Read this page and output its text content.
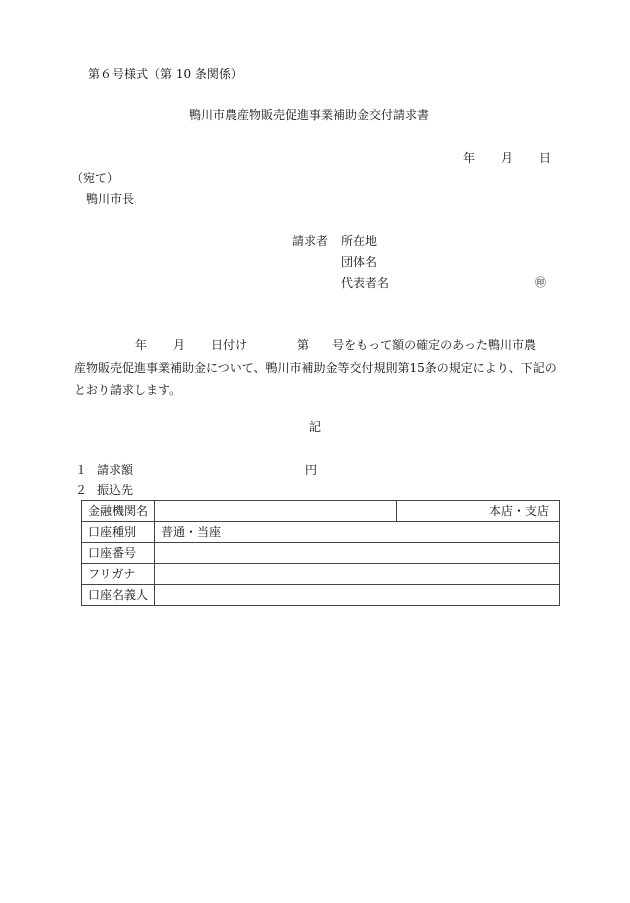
第６号様式（第 10 条関係）
鴨川市農産物販売促進事業補助金交付請求書
年 月 日
（宛て）
鴨川市長
請求者 所在地
団体名
代表者名	㊞
年 月 日付け	第 号をもって額の確定のあった鴨川市農
産物販売促進事業補助金について、鴨川市補助金等交付規則第15条の規定により、下記の
とおり請求します。
記
１ 請求額	円
２ 振込先
金融機関名		本店・支店
口座種別	普通・当座	
口座番号		
フリガナ		
口座名義人		
